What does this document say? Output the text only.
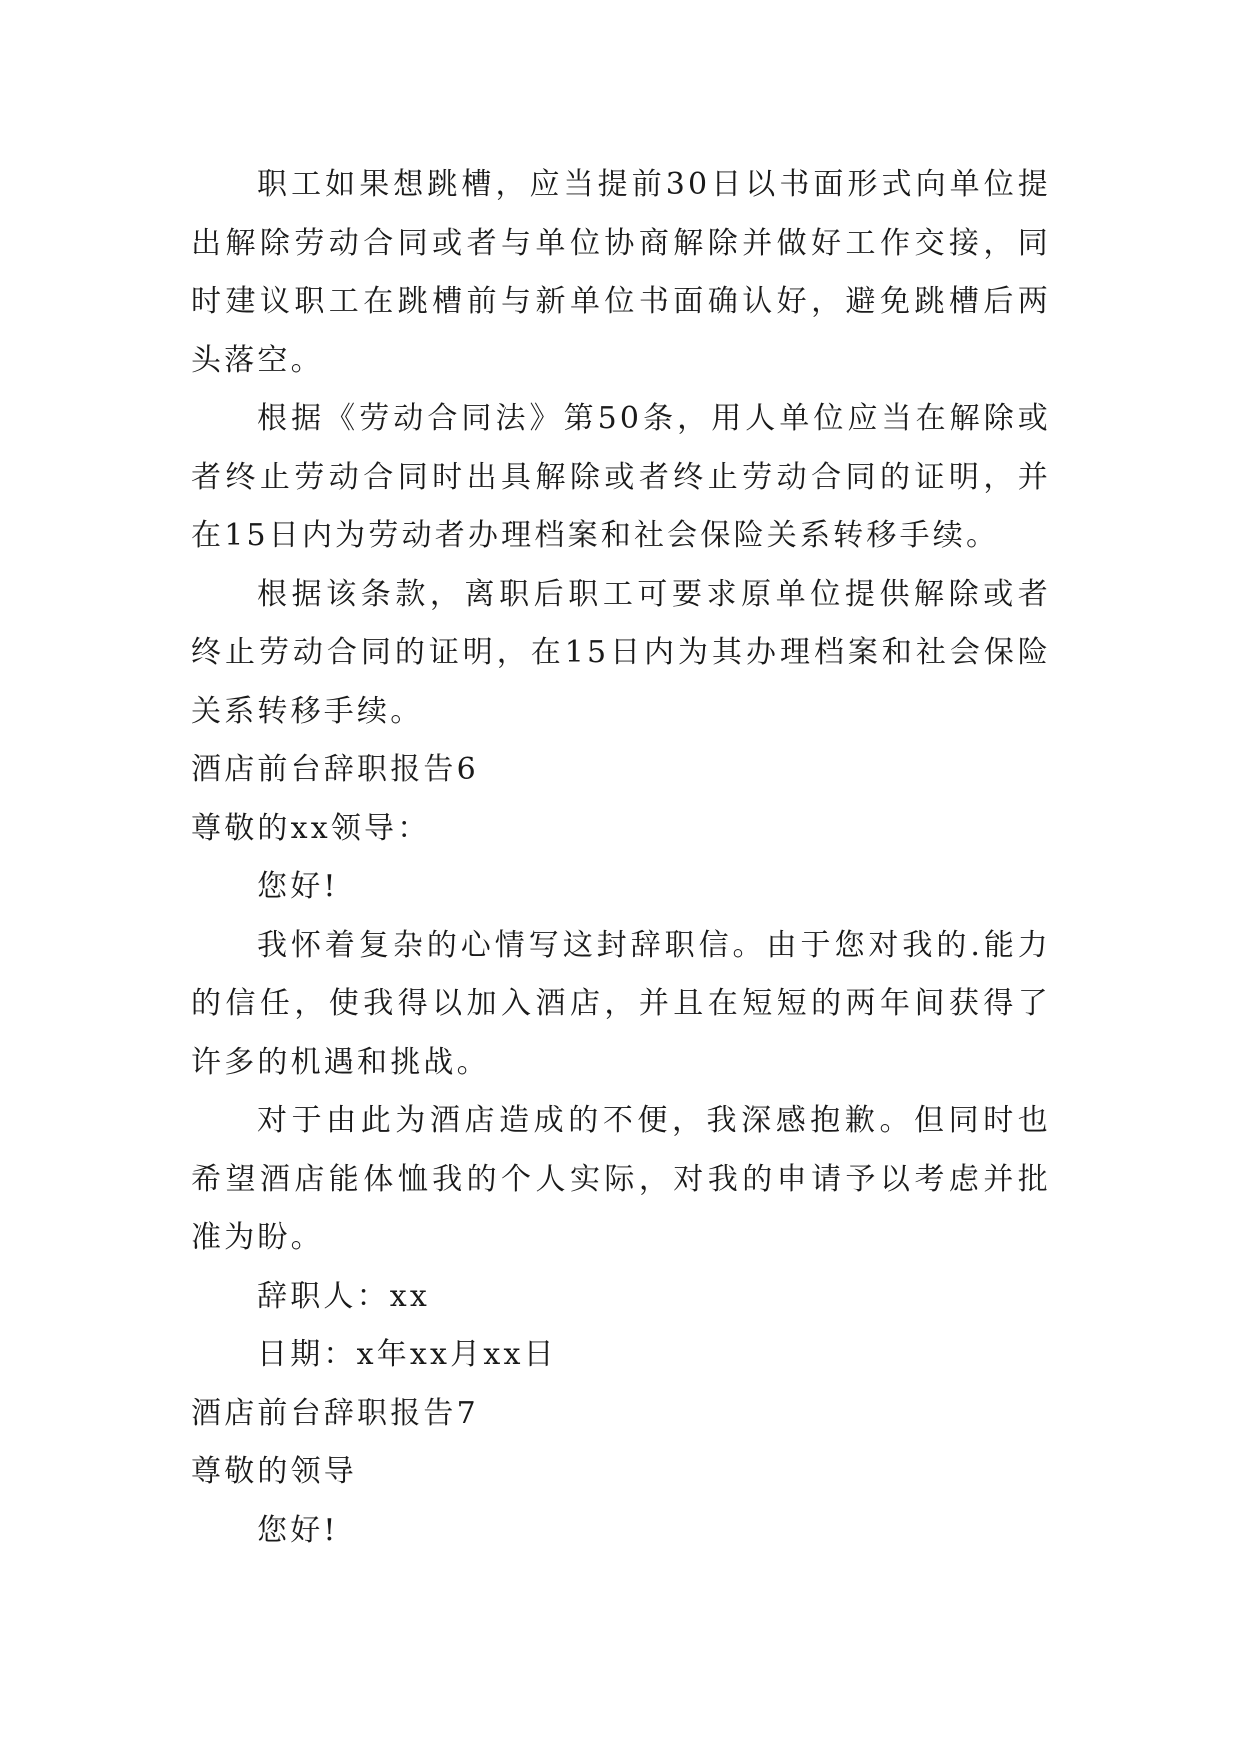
职工如果想跳槽，应当提前30日以书面形式向单位提出解除劳动合同或者与单位协商解除并做好工作交接，同时建议职工在跳槽前与新单位书面确认好，避免跳槽后两头落空。

根据《劳动合同法》第50条，用人单位应当在解除或者终止劳动合同时出具解除或者终止劳动合同的证明，并在15日内为劳动者办理档案和社会保险关系转移手续。

根据该条款，离职后职工可要求原单位提供解除或者终止劳动合同的证明，在15日内为其办理档案和社会保险关系转移手续。

酒店前台辞职报告6

尊敬的xx领导：

您好!

我怀着复杂的心情写这封辞职信。由于您对我的.能力的信任，使我得以加入酒店，并且在短短的两年间获得了许多的机遇和挑战。

对于由此为酒店造成的不便，我深感抱歉。但同时也希望酒店能体恤我的个人实际，对我的申请予以考虑并批准为盼。

辞职人：xx

日期：x年xx月xx日

酒店前台辞职报告7

尊敬的领导

您好!
